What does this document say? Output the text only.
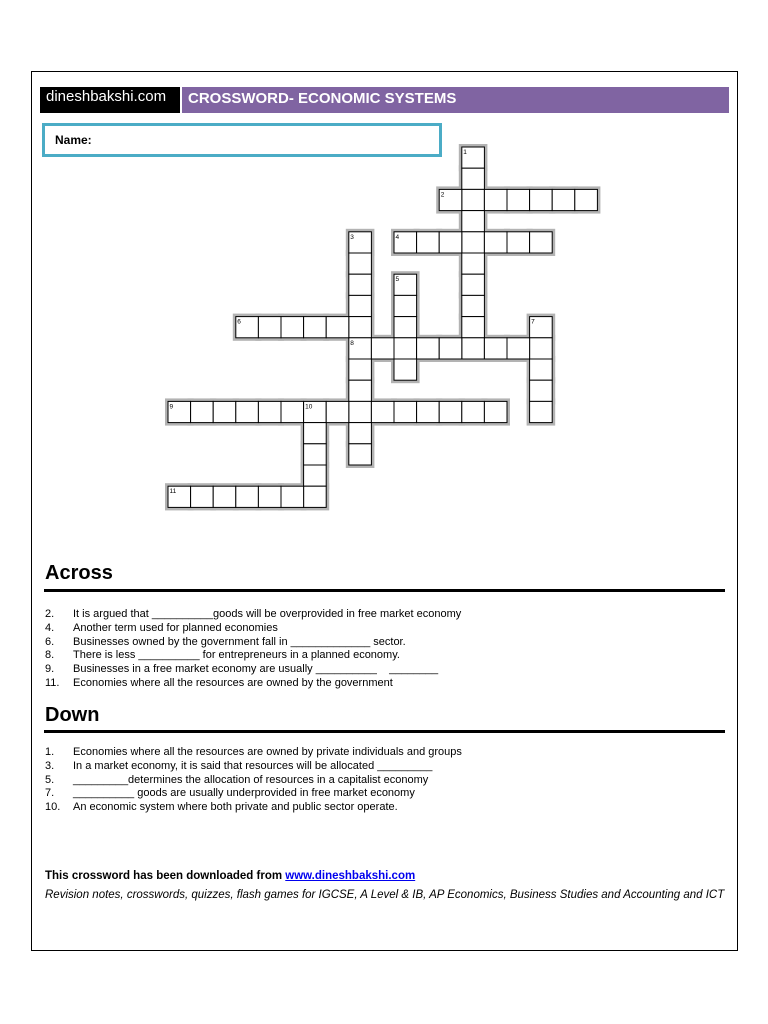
dineshbakshi.com	CROSSWORD- ECONOMIC SYSTEMS
Name:
1
2
3	4
5
6	7
8
9	10
11
Across
2.	It is argued that __________goods will be overprovided in free market economy
4.	Another term used for planned economies
6.	Businesses owned by the government fall in _____________ sector.
8.	There is less __________ for entrepreneurs in a planned economy.
9.	Businesses in a free market economy are usually __________    ________
11.	Economies where all the resources are owned by the government
Down
1.	Economies where all the resources are owned by private individuals and groups
3.	In a market economy, it is said that resources will be allocated _________
5.	_________determines the allocation of resources in a capitalist economy
7.	__________ goods are usually underprovided in free market economy
10.	An economic system where both private and public sector operate.
This crossword has been downloaded from www.dineshbakshi.com
Revision notes, crosswords, quizzes, flash games for IGCSE, A Level & IB, AP Economics, Business Studies and Accounting and ICT
